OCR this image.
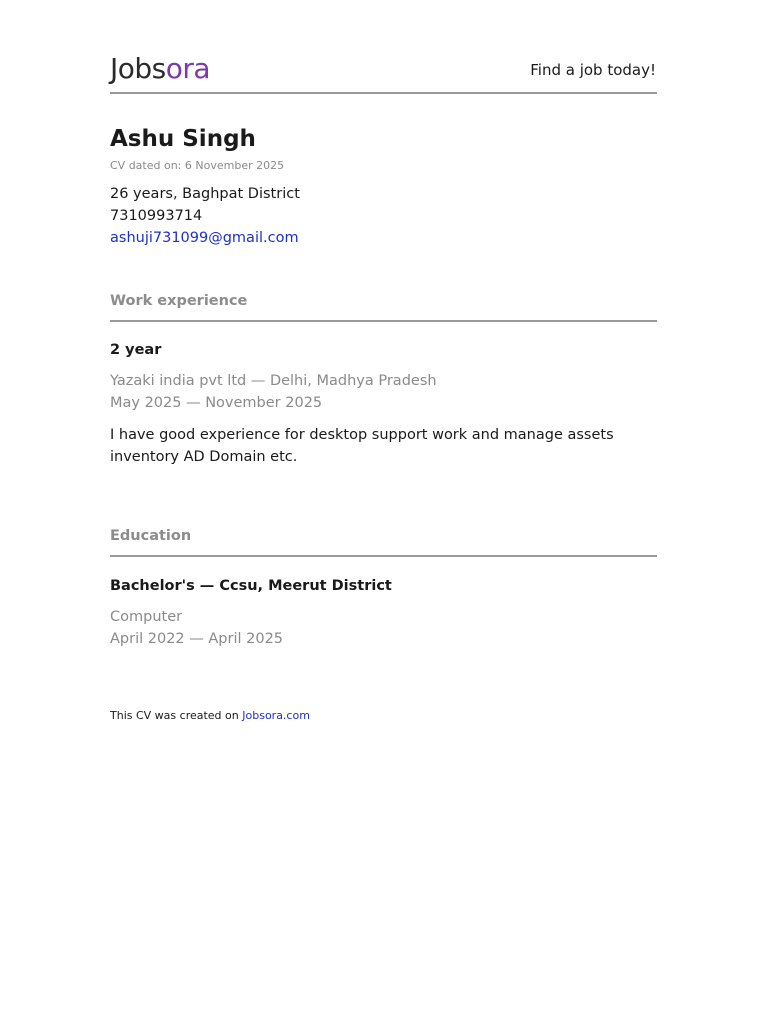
Jobsora	Find a job today!
Ashu Singh
CV dated on: 6 November 2025
26 years, Baghpat District
7310993714
ashuji731099@gmail.com
Work experience
2 year
Yazaki india pvt ltd — Delhi, Madhya Pradesh
May 2025 — November 2025
I have good experience for desktop support work and manage assets inventory AD Domain etc.
Education
Bachelor's — Ccsu, Meerut District
Computer
April 2022 — April 2025
This CV was created on Jobsora.com
